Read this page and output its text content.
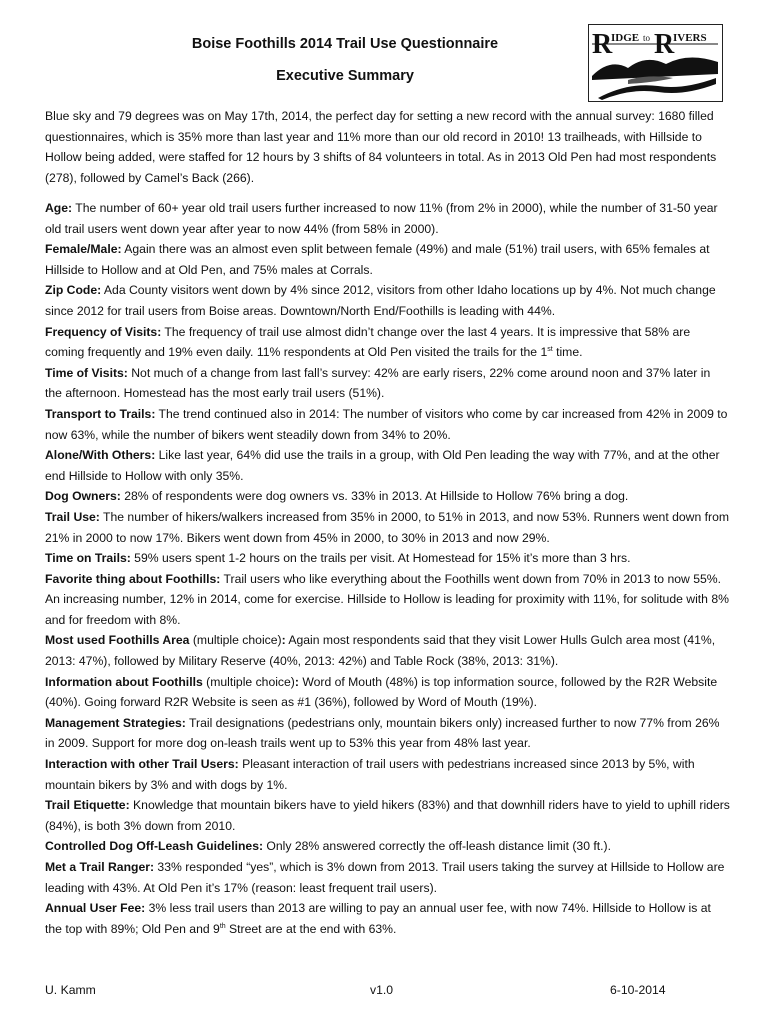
Boise Foothills 2014 Trail Use Questionnaire
Executive Summary
R
IDGE to R
IVERS

Blue sky and 79 degrees was on May 17th, 2014, the perfect day for setting a new record with the annual survey: 1680 filled questionnaires, which is 35% more than last year and 11% more than our old record in 2010! 13 trailheads, with Hillside to Hollow being added, were staffed for 12 hours by 3 shifts of 84 volunteers in total. As in 2013 Old Pen had most respondents (278), followed by Camel’s Back (266).

Age: The number of 60+ year old trail users further increased to now 11% (from 2% in 2000), while the number of 31-50 year old trail users went down year after year to now 44% (from 58% in 2000).

Female/Male: Again there was an almost even split between female (49%) and male (51%) trail users, with 65% females at Hillside to Hollow and at Old Pen, and 75% males at Corrals.

Zip Code: Ada County visitors went down by 4% since 2012, visitors from other Idaho locations up by 4%. Not much change since 2012 for trail users from Boise areas. Downtown/North End/Foothills is leading with 44%.

Frequency of Visits: The frequency of trail use almost didn’t change over the last 4 years. It is impressive that 58% are coming frequently and 19% even daily. 11% respondents at Old Pen visited the trails for the 1st time.

Time of Visits: Not much of a change from last fall’s survey: 42% are early risers, 22% come around noon and 37% later in the afternoon. Homestead has the most early trail users (51%).

Transport to Trails: The trend continued also in 2014: The number of visitors who come by car increased from 42% in 2009 to now 63%, while the number of bikers went steadily down from 34% to 20%.

Alone/With Others: Like last year, 64% did use the trails in a group, with Old Pen leading the way with 77%, and at the other end Hillside to Hollow with only 35%.

Dog Owners: 28% of respondents were dog owners vs. 33% in 2013. At Hillside to Hollow 76% bring a dog.

Trail Use: The number of hikers/walkers increased from 35% in 2000, to 51% in 2013, and now 53%. Runners went down from 21% in 2000 to now 17%. Bikers went down from 45% in 2000, to 30% in 2013 and now 29%.

Time on Trails: 59% users spent 1-2 hours on the trails per visit. At Homestead for 15% it’s more than 3 hrs.

Favorite thing about Foothills: Trail users who like everything about the Foothills went down from 70% in 2013 to now 55%. An increasing number, 12% in 2014, come for exercise. Hillside to Hollow is leading for proximity with 11%, for solitude with 8% and for freedom with 8%.

Most used Foothills Area (multiple choice): Again most respondents said that they visit Lower Hulls Gulch area most (41%, 2013: 47%), followed by Military Reserve (40%, 2013: 42%) and Table Rock (38%, 2013: 31%).

Information about Foothills (multiple choice): Word of Mouth (48%) is top information source, followed by the R2R Website (40%). Going forward R2R Website is seen as #1 (36%), followed by Word of Mouth (19%).

Management Strategies: Trail designations (pedestrians only, mountain bikers only) increased further to now 77% from 26% in 2009. Support for more dog on-leash trails went up to 53% this year from 48% last year.

Interaction with other Trail Users: Pleasant interaction of trail users with pedestrians increased since 2013 by 5%, with mountain bikers by 3% and with dogs by 1%.

Trail Etiquette: Knowledge that mountain bikers have to yield hikers (83%) and that downhill riders have to yield to uphill riders (84%), is both 3% down from 2010.

Controlled Dog Off-Leash Guidelines: Only 28% answered correctly the off-leash distance limit (30 ft.).

Met a Trail Ranger: 33% responded “yes”, which is 3% down from 2013. Trail users taking the survey at Hillside to Hollow are leading with 43%. At Old Pen it’s 17% (reason: least frequent trail users).

Annual User Fee: 3% less trail users than 2013 are willing to pay an annual user fee, with now 74%. Hillside to Hollow is at the top with 89%; Old Pen and 9th Street are at the end with 63%.

U. Kamm	v1.0	6-10-2014
